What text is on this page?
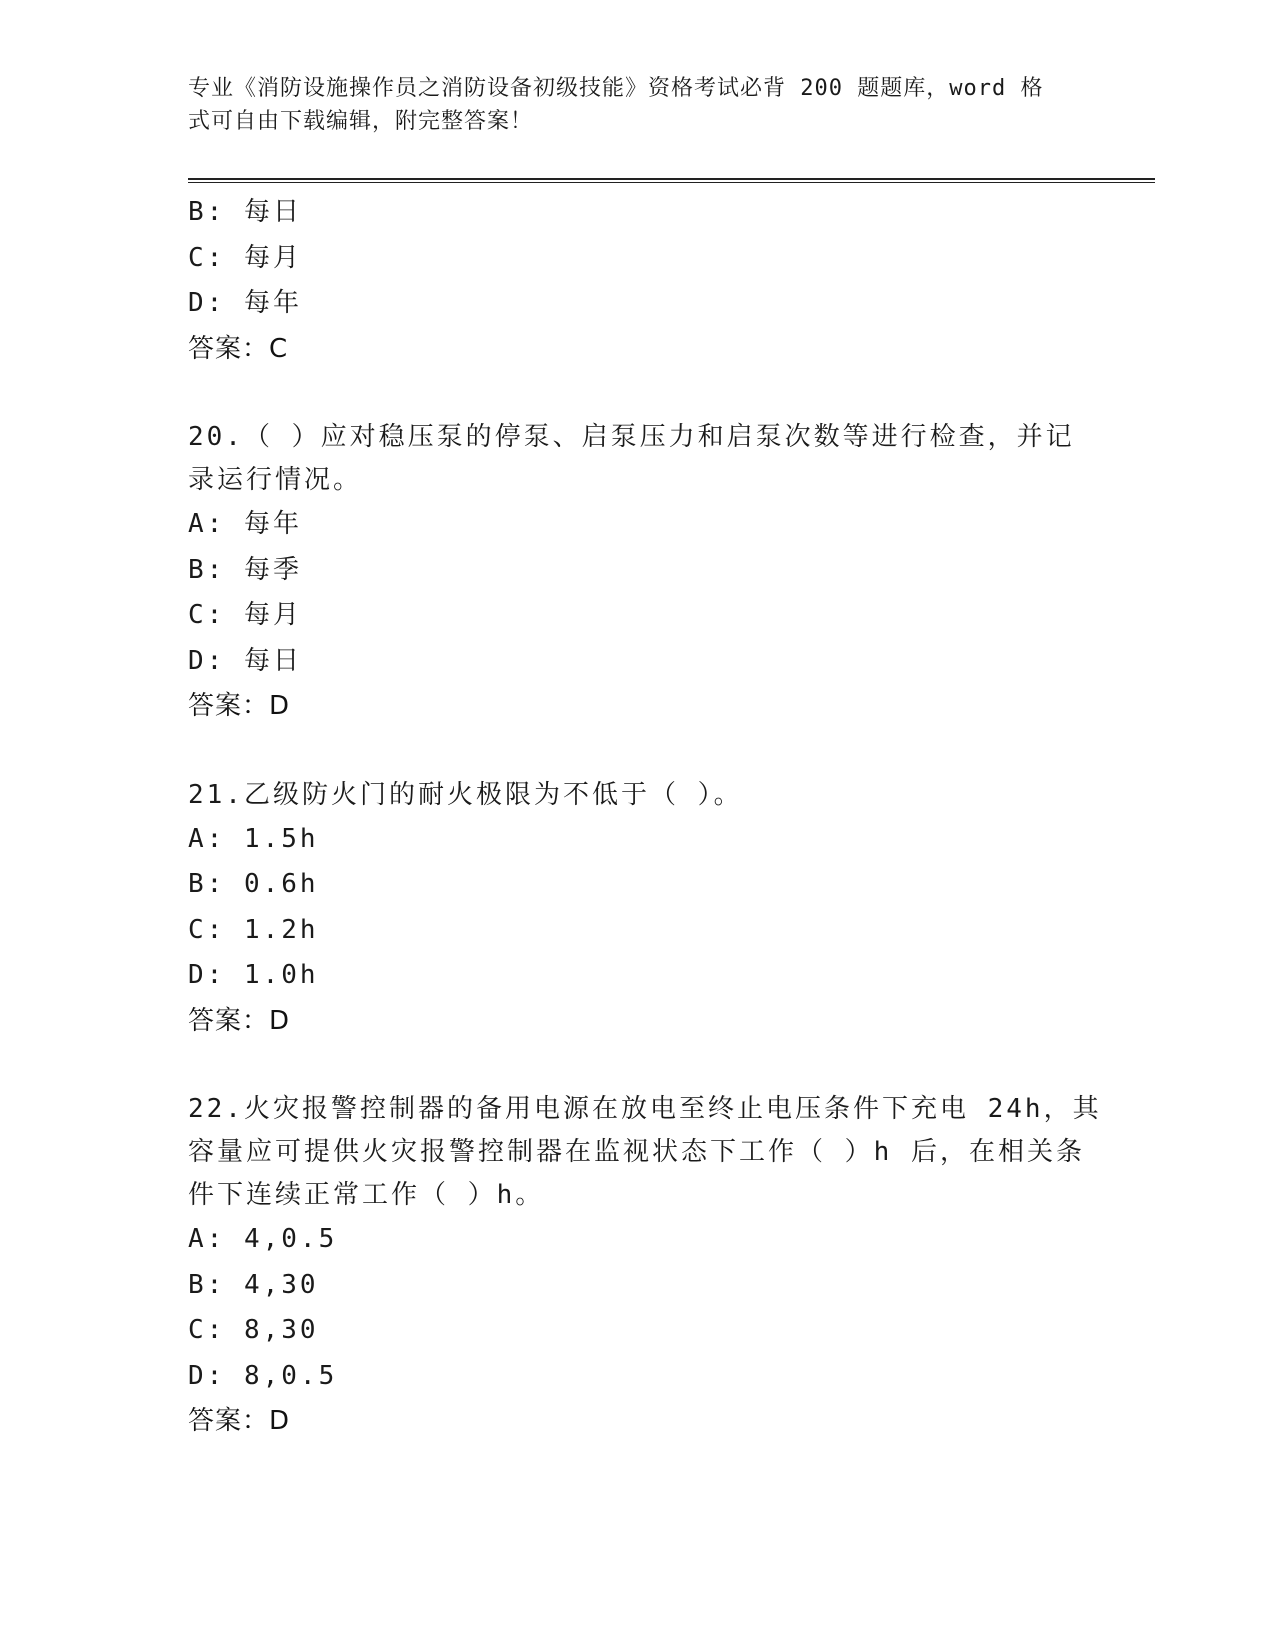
专业《消防设施操作员之消防设备初级技能》资格考试必背 200 题题库，word 格
式可自由下载编辑，附完整答案！
B: 每日
C: 每月
D: 每年
答案：C
20.（ ）应对稳压泵的停泵、启泵压力和启泵次数等进行检查，并记
录运行情况。
A: 每年
B: 每季
C: 每月
D: 每日
答案：D
21.乙级防火门的耐火极限为不低于（ ）。
A: 1.5h
B: 0.6h
C: 1.2h
D: 1.0h
答案：D
22.火灾报警控制器的备用电源在放电至终止电压条件下充电 24h，其
容量应可提供火灾报警控制器在监视状态下工作（ ）h 后，在相关条
件下连续正常工作（ ）h。
A: 4,0.5
B: 4,30
C: 8,30
D: 8,0.5
答案：D
